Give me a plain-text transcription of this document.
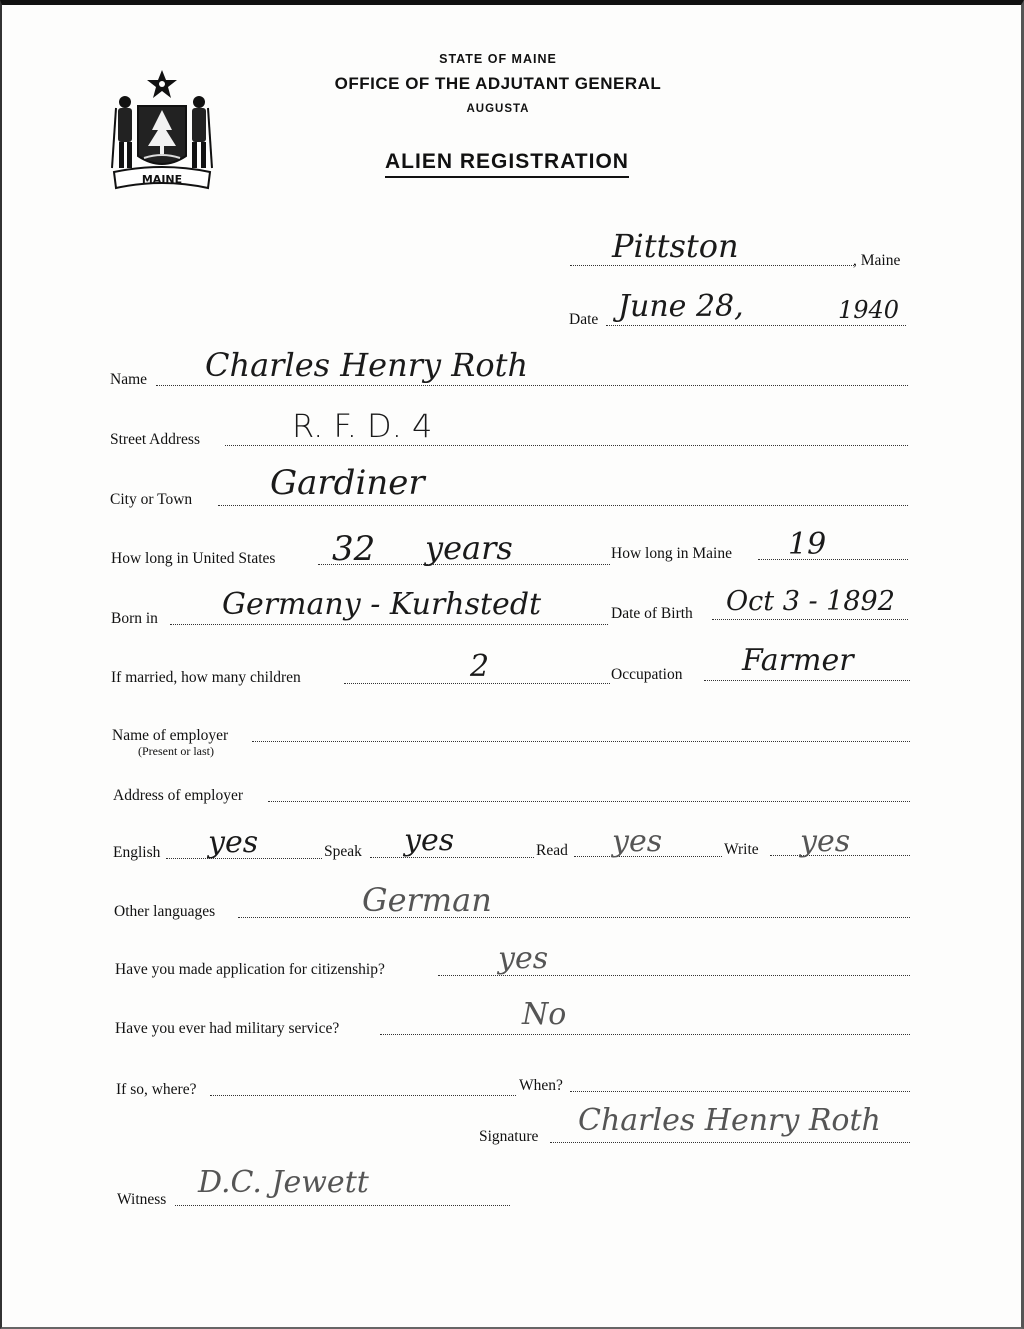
STATE OF MAINE
OFFICE OF THE ADJUTANT GENERAL
AUGUSTA
ALIEN REGISTRATION
MAINE
, Maine
Pittston
Date June 28,	1940
Name Charles Henry Roth
Street Address	R. F. D. 4
City or Town Gardiner
How long in United States 32 years	How long in Maine 19
Born in Germany - Kurhstedt	Date of Birth Oct 3 - 1892
If married, how many children	2	Occupation Farmer
Name of employer
(Present or last)
Address of employer
English yes	Speak yes	Read yes	Write yes
Other languages	German
Have you made application for citizenship?	yes
Have you ever had military service?	No
If so, where?	When?
Signature Charles Henry Roth
Witness D.C. Jewett
